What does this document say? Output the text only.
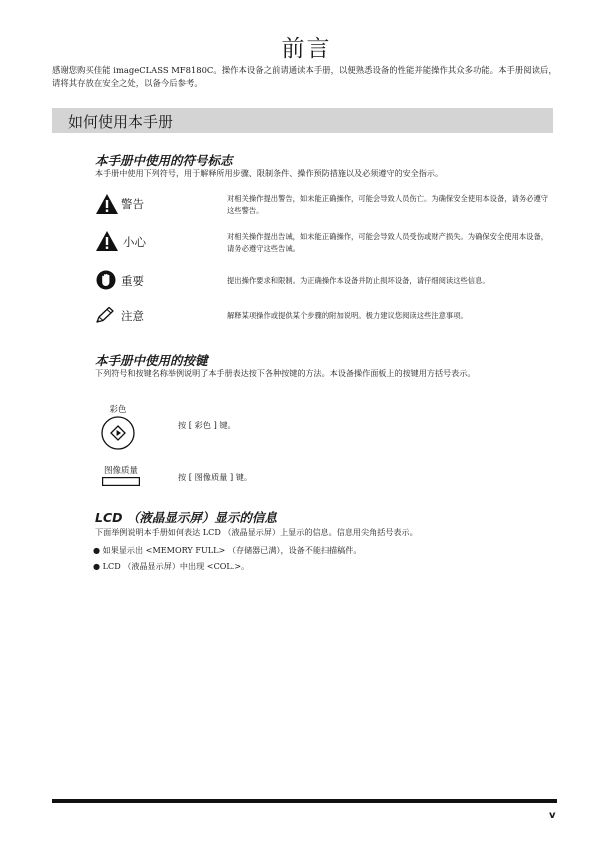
前言
感谢您购买佳能 imageCLASS MF8180C。操作本设备之前请通读本手册，以便熟悉设备的性能并能操作其众多功能。本手册阅读后，请将其存放在安全之处，以备今后参考。
如何使用本手册
本手册中使用的符号标志
本手册中使用下列符号，用于解释所用步骤、限制条件、操作预防措施以及必须遵守的安全指示。
警告	对相关操作提出警告，如未能正确操作，可能会导致人员伤亡。为确保安全使用本设备，请务必遵守这些警告。
小心	对相关操作提出告诫，如未能正确操作，可能会导致人员受伤或财产损失。为确保安全使用本设备，请务必遵守这些告诫。
重要	提出操作要求和限制。为正确操作本设备并防止损坏设备，请仔细阅读这些信息。
注意	解释某项操作或提供某个步骤的附加说明。极力建议您阅读这些注意事项。
本手册中使用的按键
下列符号和按键名称举例说明了本手册表达按下各种按键的方法。本设备操作面板上的按键用方括号表示。
彩色
按 [ 彩色 ] 键。
图像质量
按 [ 图像质量 ] 键。
LCD （液晶显示屏）显示的信息
下面举例说明本手册如何表达 LCD （液晶显示屏）上显示的信息。信息用尖角括号表示。
● 如果显示出 <MEMORY FULL> （存储器已满），设备不能扫描稿件。
● LCD （液晶显示屏）中出现 <COL.>。
v
